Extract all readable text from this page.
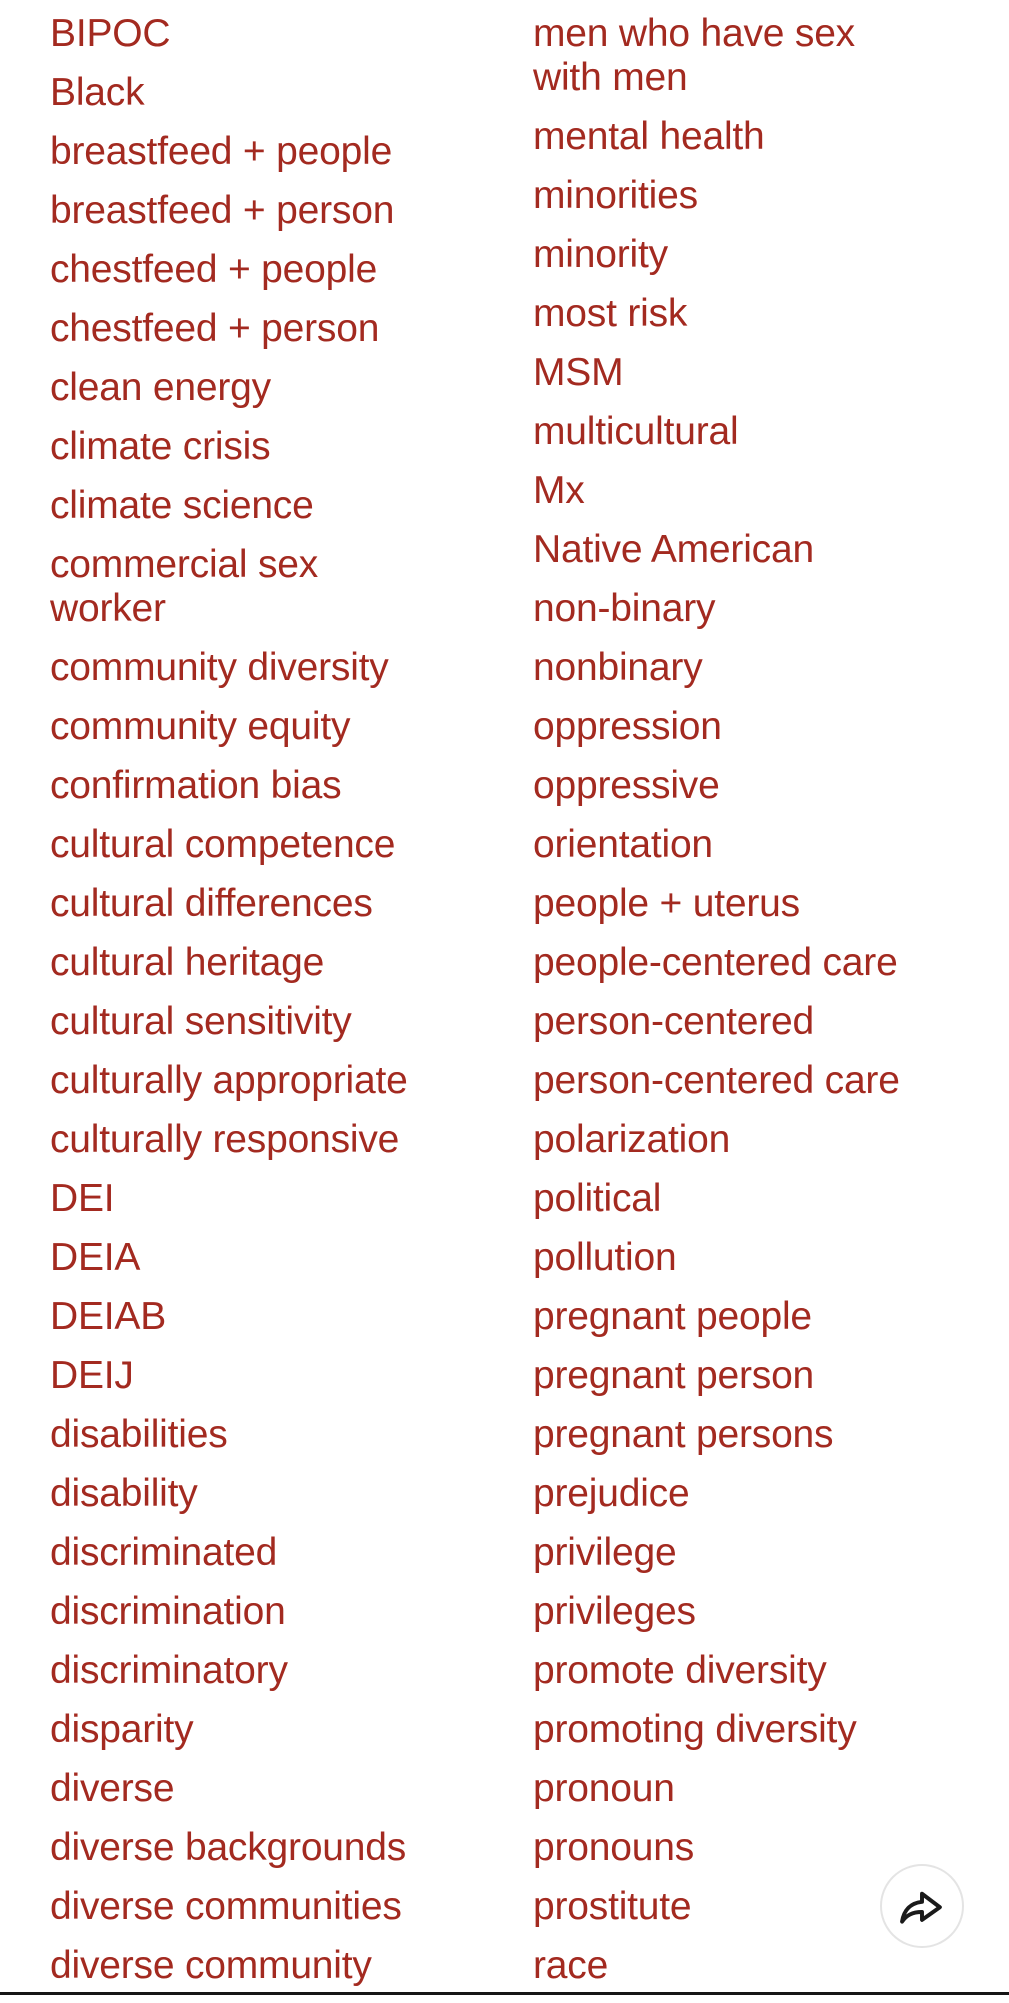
BIPOC
Black
breastfeed + people
breastfeed + person
chestfeed + people
chestfeed + person
clean energy
climate crisis
climate science
commercial sex
worker
community diversity
community equity
confirmation bias
cultural competence
cultural differences
cultural heritage
cultural sensitivity
culturally appropriate
culturally responsive
DEI
DEIA
DEIAB
DEIJ
disabilities
disability
discriminated
discrimination
discriminatory
disparity
diverse
diverse backgrounds
diverse communities
diverse community
men who have sex
with men
mental health
minorities
minority
most risk
MSM
multicultural
Mx
Native American
non-binary
nonbinary
oppression
oppressive
orientation
people + uterus
people-centered care
person-centered
person-centered care
polarization
political
pollution
pregnant people
pregnant person
pregnant persons
prejudice
privilege
privileges
promote diversity
promoting diversity
pronoun
pronouns
prostitute
race
